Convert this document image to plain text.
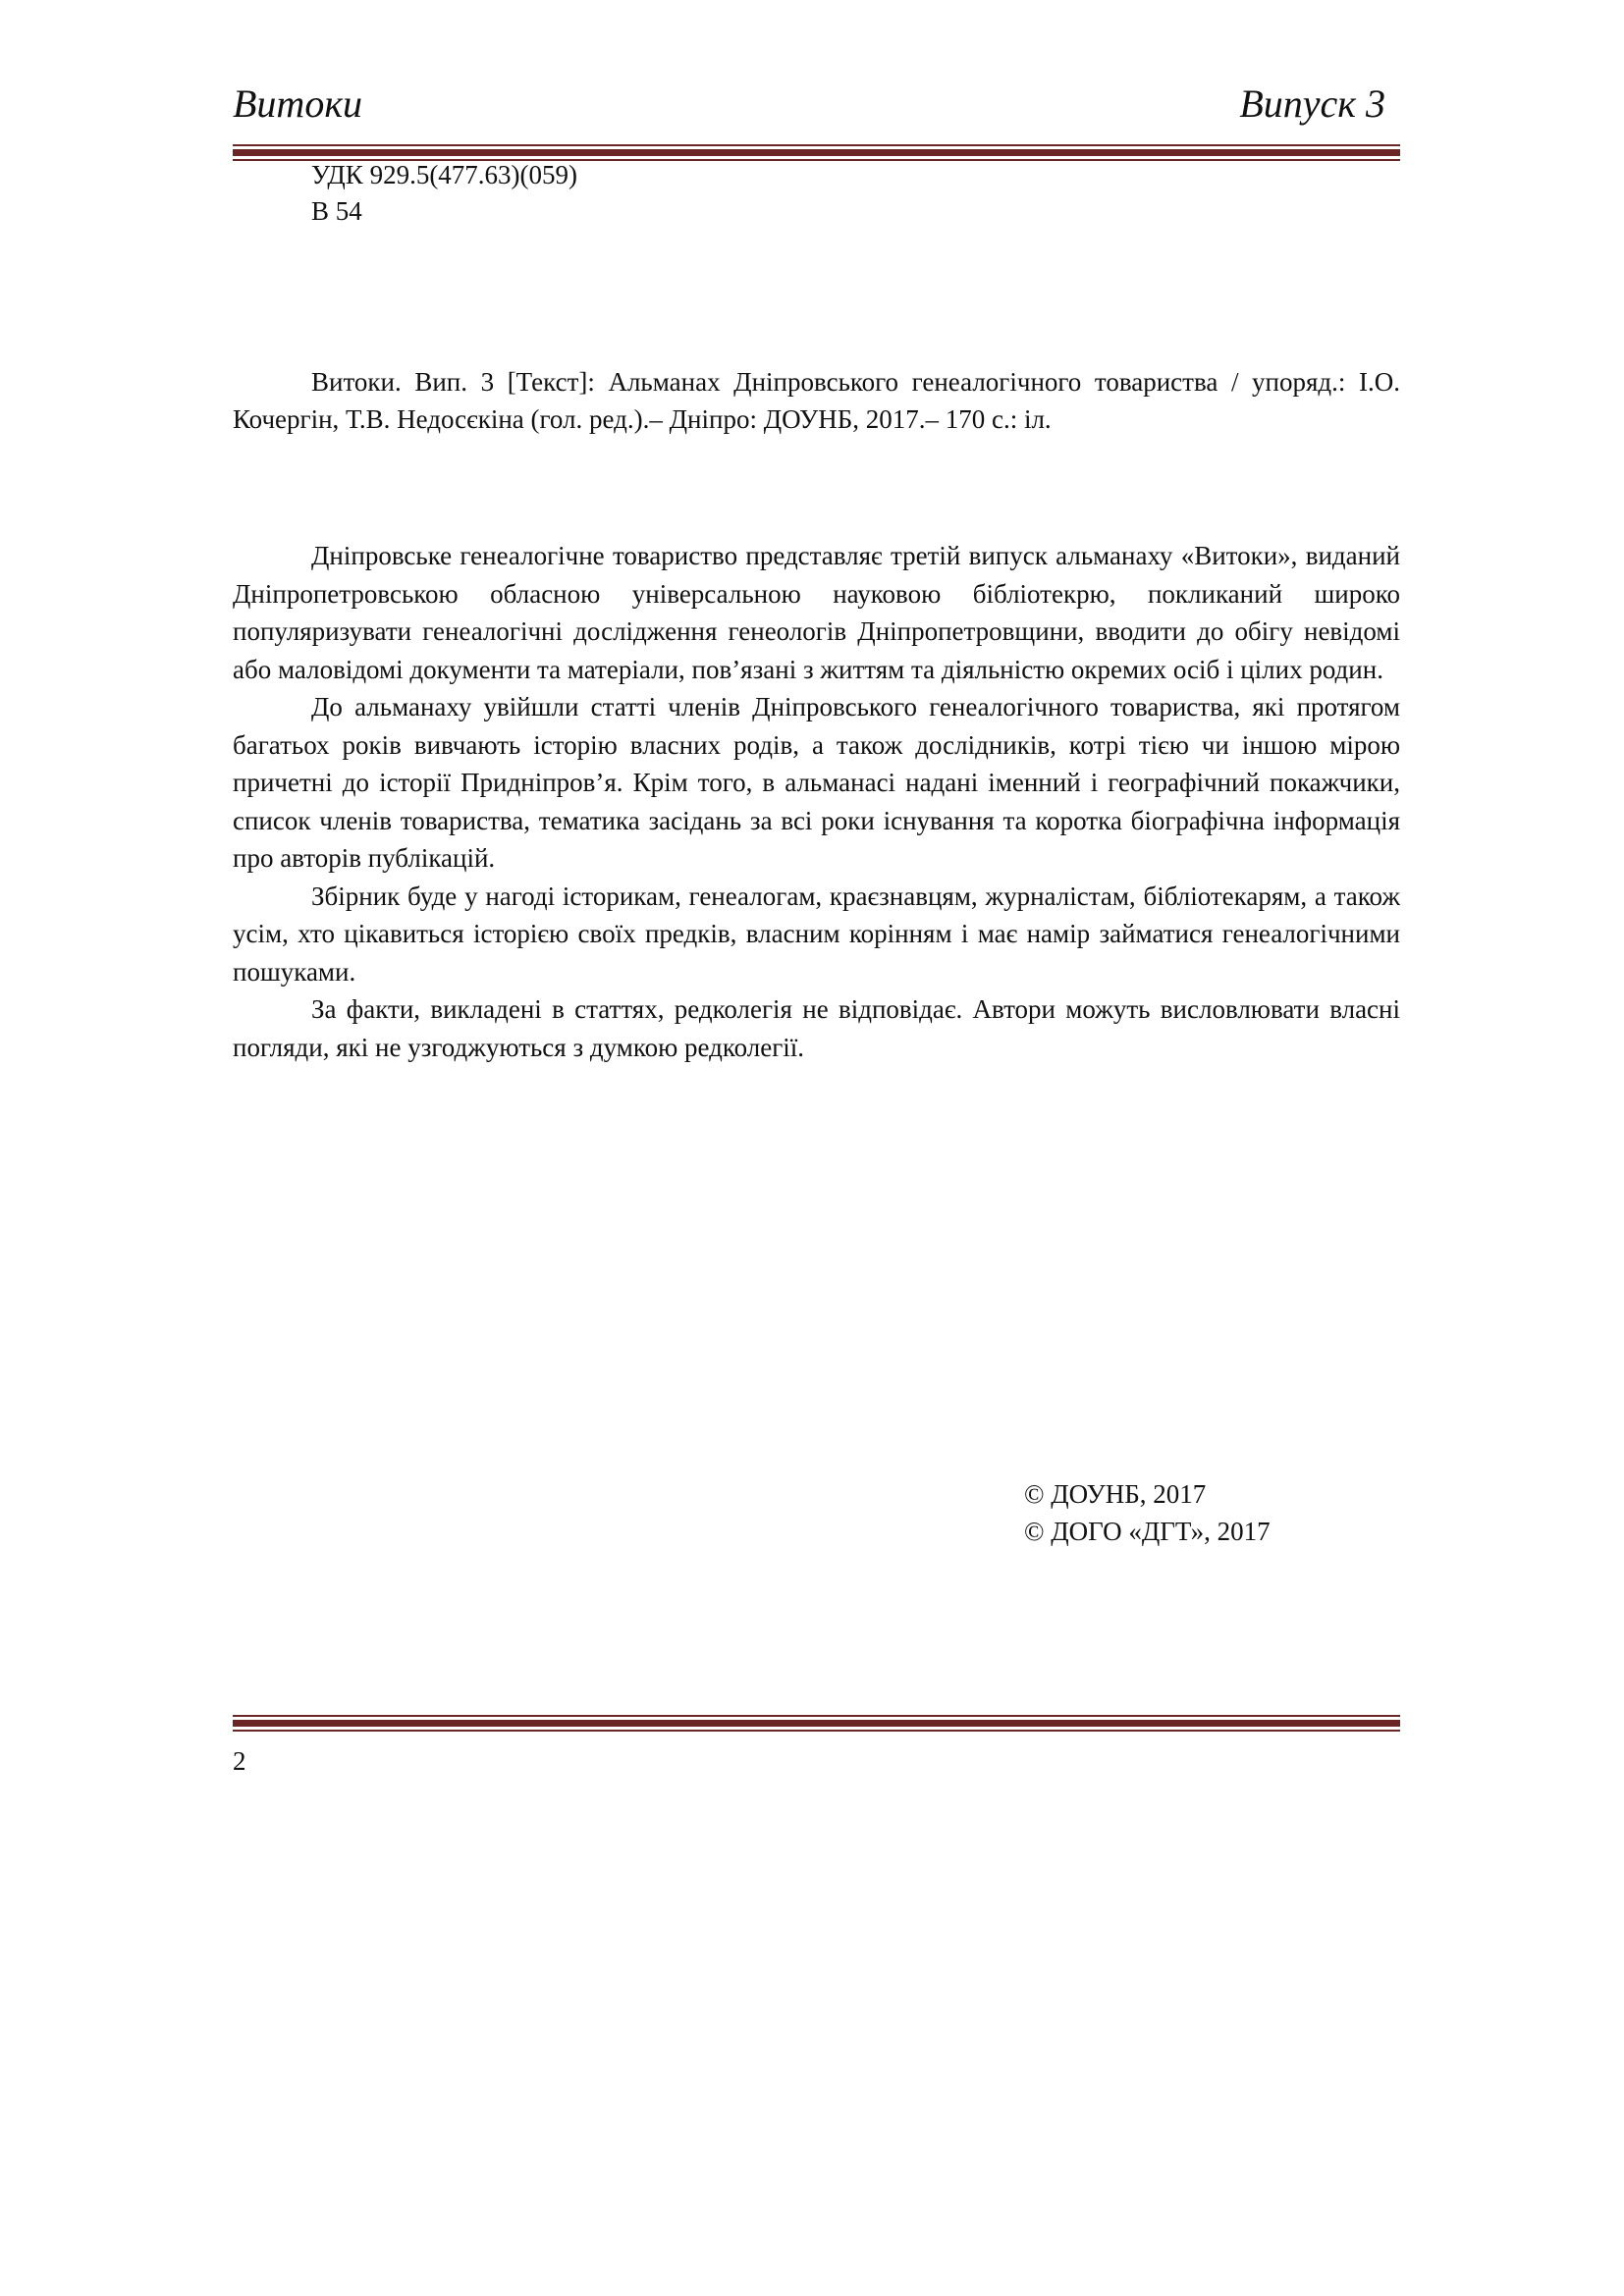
Витоки	Випуск 3
УДК 929.5(477.63)(059)
В 54

Витоки. Вип. 3 [Текст]: Альманах Дніпровського генеалогічного товариства / упоряд.: І.О. Кочергін, Т.В. Недосєкіна (гол. ред.).– Дніпро: ДОУНБ, 2017.– 170 с.: іл.

Дніпровське генеалогічне товариство представляє третій випуск альманаху «Витоки», виданий Дніпропетровською обласною універсальною науковою бібліотекрю, покликаний широко популяризувати генеалогічні дослідження генеологів Дніпропетровщини, вводити до обігу невідомі або маловідомі документи та матеріали, пов’язані з життям та діяльністю окремих осіб і цілих родин.

До альманаху увійшли статті членів Дніпровського генеалогічного товариства, які протягом багатьох років вивчають історію власних родів, а також дослідників, котрі тією чи іншою мірою причетні до історії Придніпров’я. Крім того, в альманасі надані іменний і географічний покажчики, список членів товариства, тематика засідань за всі роки існування та коротка біографічна інформація про авторів публікацій.

Збірник буде у нагоді історикам, генеалогам, краєзнавцям, журналістам, бібліотекарям, а також усім, хто цікавиться історією своїх предків, власним корінням і має намір займатися генеалогічними пошуками.

За факти, викладені в статтях, редколегія не відповідає. Автори можуть висловлювати власні погляди, які не узгоджуються з думкою редколегії.

© ДОУНБ, 2017
© ДОГО «ДГТ», 2017
2
